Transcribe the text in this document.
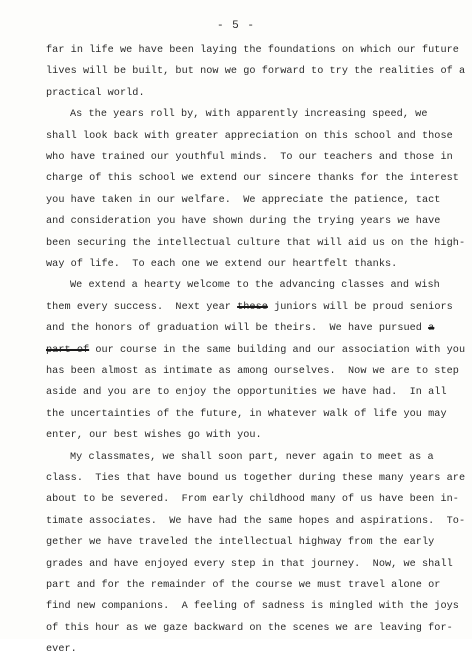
- 5 -
far in life we have been laying the foundations on which our future
lives will be built, but now we go forward to try the realities of a
practical world.
As the years roll by, with apparently increasing speed, we
shall look back with greater appreciation on this school and those
who have trained our youthful minds.  To our teachers and those in
charge of this school we extend our sincere thanks for the interest
you have taken in our welfare.  We appreciate the patience, tact
and consideration you have shown during the trying years we have
been securing the intellectual culture that will aid us on the high-
way of life.  To each one we extend our heartfelt thanks.
We extend a hearty welcome to the advancing classes and wish
them every success.  Next year these juniors will be proud seniors
and the honors of graduation will be theirs.  We have pursued a
part of our course in the same building and our association with you
has been almost as intimate as among ourselves.  Now we are to step
aside and you are to enjoy the opportunities we have had.  In all
the uncertainties of the future, in whatever walk of life you may
enter, our best wishes go with you.
My classmates, we shall soon part, never again to meet as a
class.  Ties that have bound us together during these many years are
about to be severed.  From early childhood many of us have been in-
timate associates.  We have had the same hopes and aspirations.  To-
gether we have traveled the intellectual highway from the early
grades and have enjoyed every step in that journey.  Now, we shall
part and for the remainder of the course we must travel alone or
find new companions.  A feeling of sadness is mingled with the joys
of this hour as we gaze backward on the scenes we are leaving for-
ever.
